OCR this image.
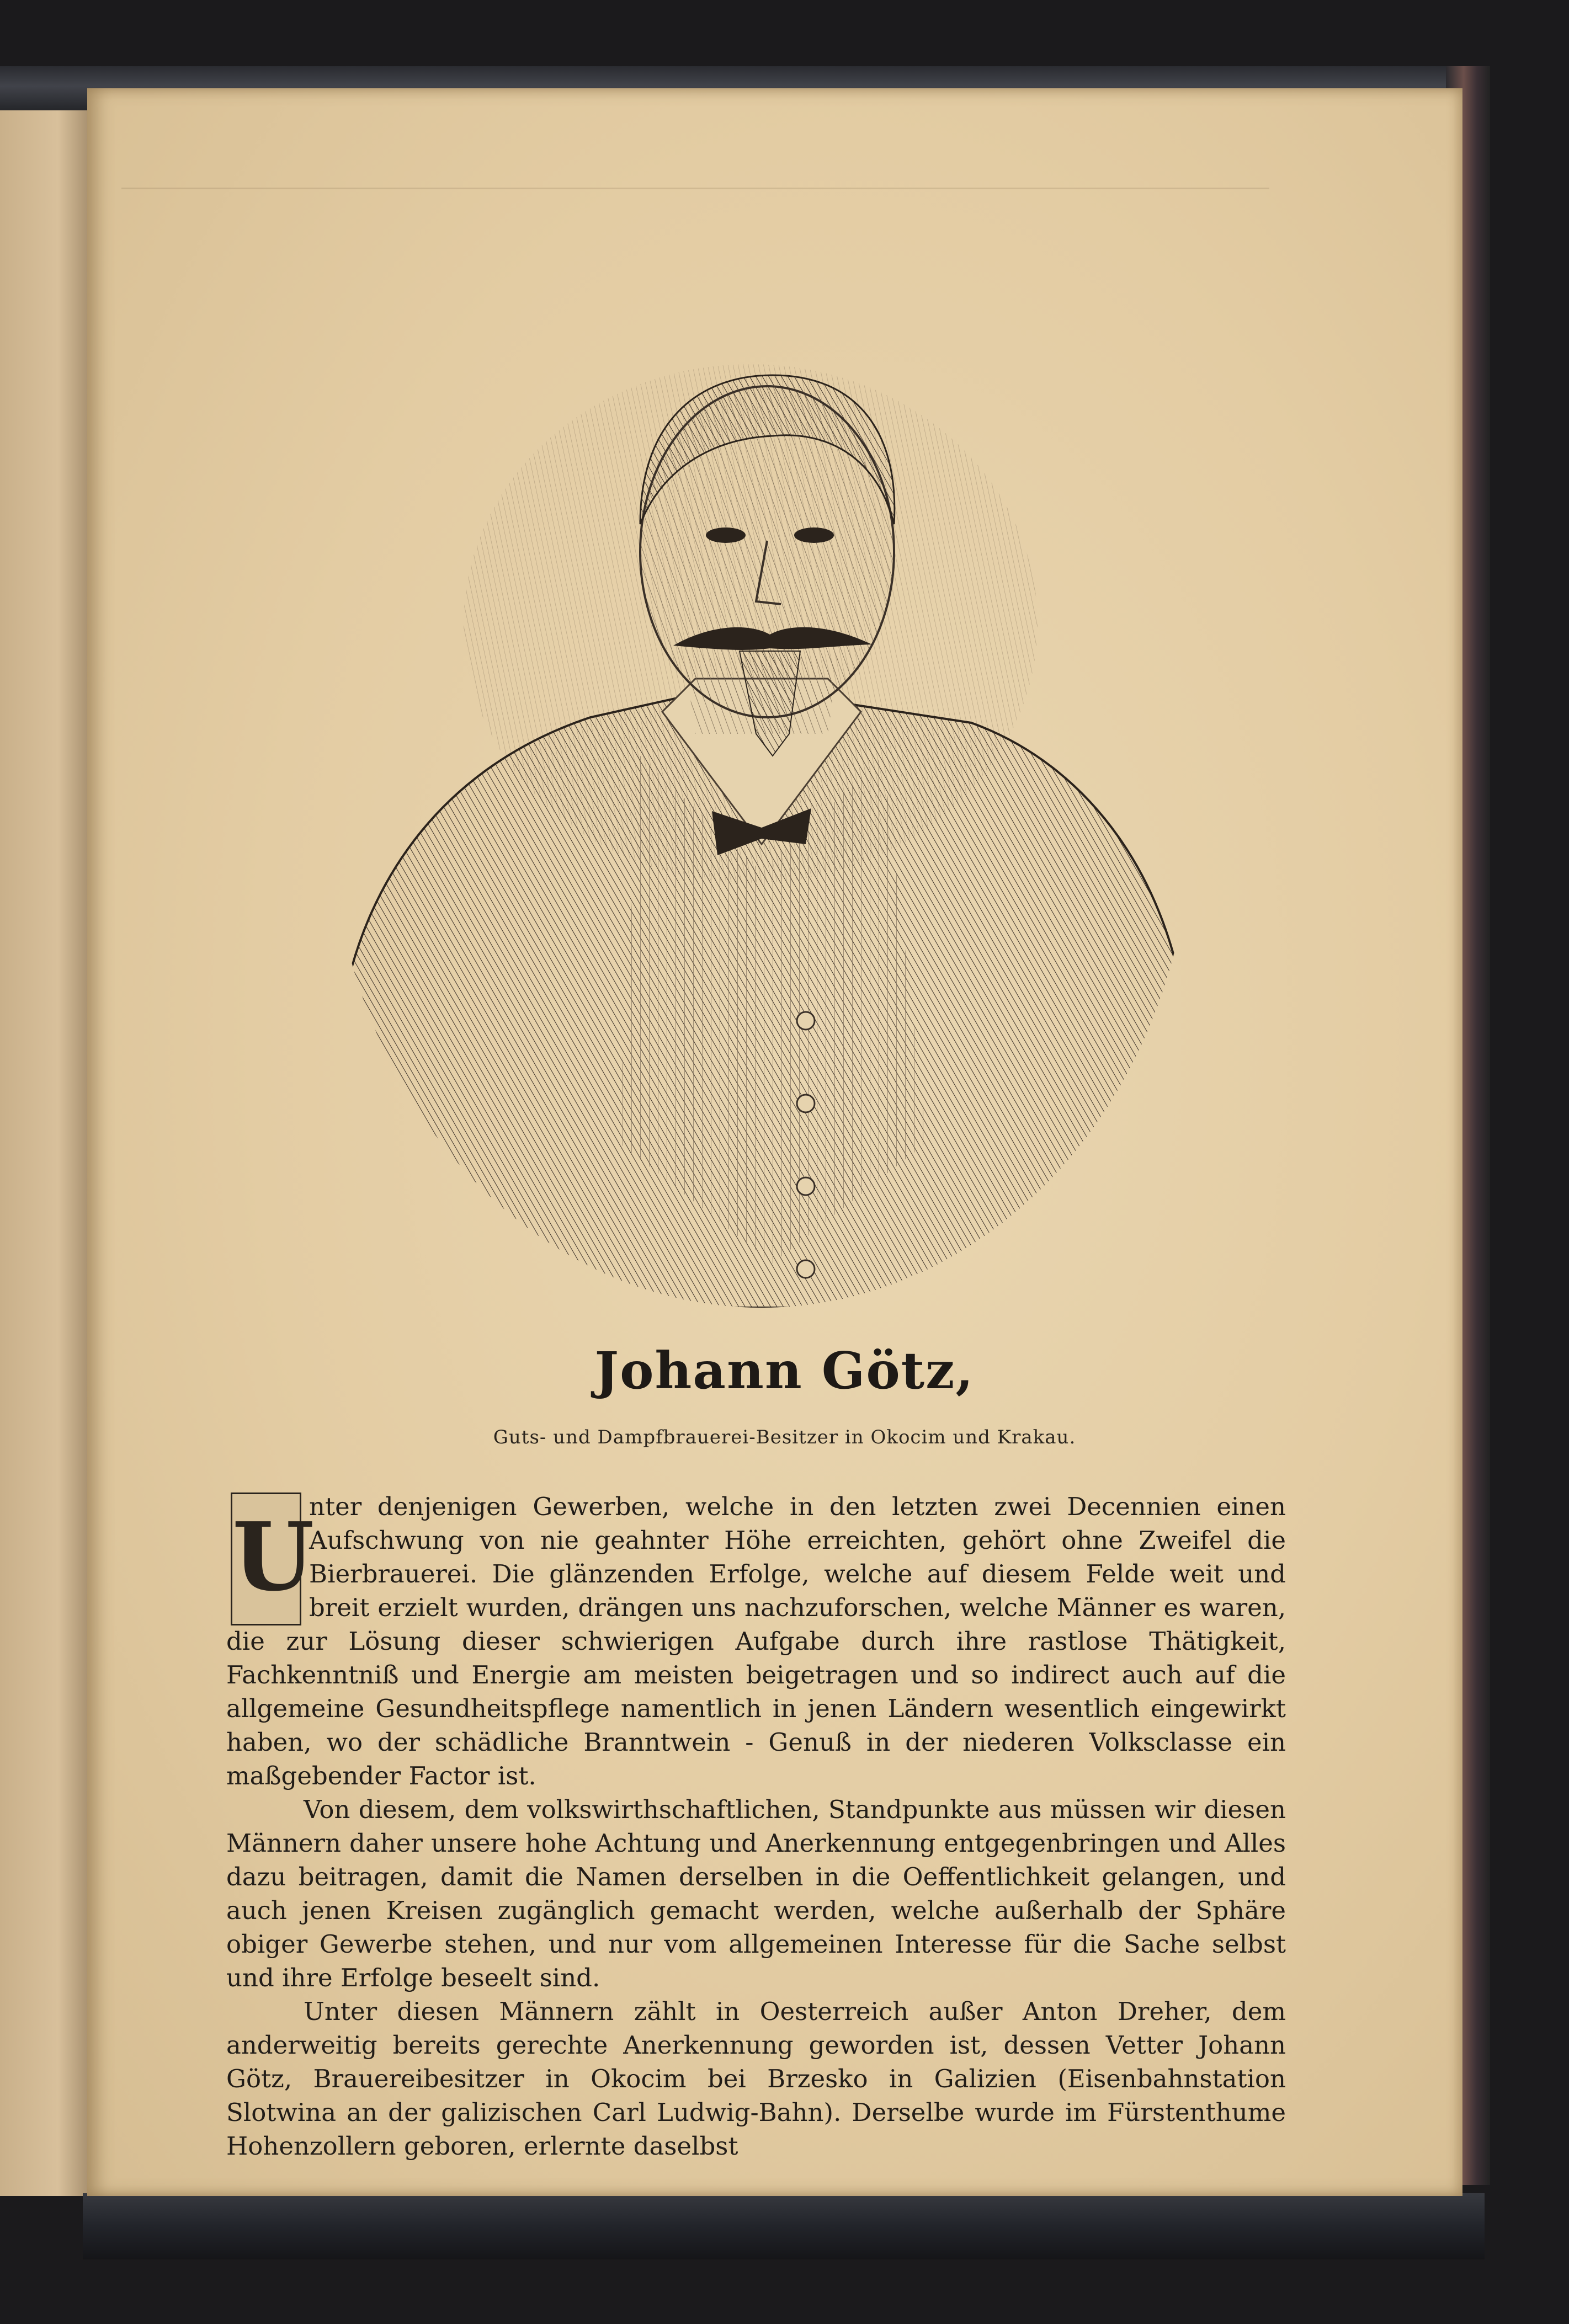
Johann Götz,
Guts- und Dampfbrauerei-Besitzer in Okocim und Krakau.
U

nter denjenigen Gewerben, welche in den letzten zwei Decennien einen Aufschwung von nie geahnter Höhe erreichten, gehört ohne Zweifel die Bierbrauerei. Die glänzenden Erfolge, welche auf diesem Felde weit und breit erzielt wurden, drängen uns nachzuforschen, welche Männer es waren, die zur Lösung dieser schwierigen Aufgabe durch ihre rastlose Thätigkeit, Fachkenntniß und Energie am meisten beigetragen und so indirect auch auf die allgemeine Gesundheitspflege namentlich in jenen Ländern wesentlich eingewirkt haben, wo der schädliche Branntwein - Genuß in der niederen Volksclasse ein maßgebender Factor ist.

Von diesem, dem volkswirthschaftlichen, Standpunkte aus müssen wir diesen Männern daher unsere hohe Achtung und Anerkennung entgegenbringen und Alles dazu beitragen, damit die Namen derselben in die Oeffentlichkeit gelangen, und auch jenen Kreisen zugänglich gemacht werden, welche außerhalb der Sphäre obiger Gewerbe stehen, und nur vom allgemeinen Interesse für die Sache selbst und ihre Erfolge beseelt sind.

Unter diesen Männern zählt in Oesterreich außer Anton Dreher, dem anderweitig bereits gerechte Anerkennung geworden ist, dessen Vetter Johann Götz, Brauereibesitzer in Okocim bei Brzesko in Galizien (Eisenbahnstation Slotwina an der galizischen Carl Ludwig-Bahn). Derselbe wurde im Fürstenthume Hohenzollern geboren, erlernte daselbst
